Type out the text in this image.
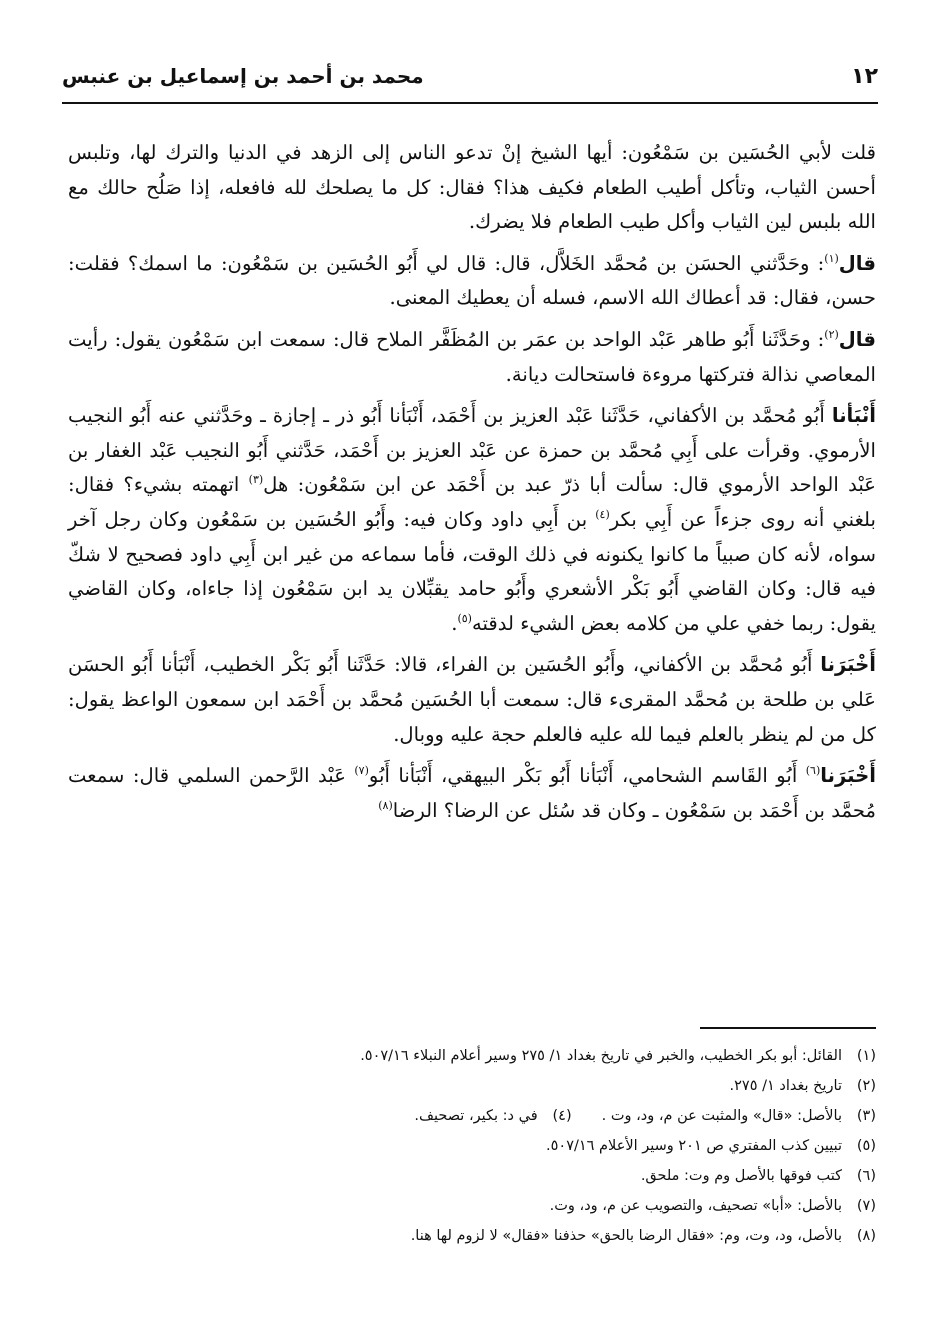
١٢
محمد بن أحمد بن إسماعيل بن عنبس

قلت لأبي الحُسَين بن سَمْعُون: أيها الشيخ إنْ تدعو الناس إلى الزهد في الدنيا والترك لها، وتلبس أحسن الثياب، وتأكل أطيب الطعام فكيف هذا؟ فقال: كل ما يصلحك لله فافعله، إذا صَلُح حالك مع الله بلبس لين الثياب وأكل طيب الطعام فلا يضرك.

قال$^{(١)}$: وحَدَّثني الحسَن بن مُحمَّد الخَلاَّل، قال: قال لي أَبُو الحُسَين بن سَمْعُون: ما اسمك؟ فقلت: حسن، فقال: قد أعطاك الله الاسم، فسله أن يعطيك المعنى.

قال$^{(٢)}$: وحَدَّثَنا أَبُو طاهر عَبْد الواحد بن عمَر بن المُظَفَّر الملاح قال: سمعت ابن سَمْعُون يقول: رأيت المعاصي نذالة فتركتها مروءة فاستحالت ديانة.

أَنْبَأنا أَبُو مُحمَّد بن الأكفاني، حَدَّثَنا عَبْد العزيز بن أَحْمَد، أَنْبَأنا أَبُو ذر ـ إجازة ـ وحَدَّثني عنه أَبُو النجيب الأرموي. وقرأت على أَبِي مُحمَّد بن حمزة عن عَبْد العزيز بن أَحْمَد، حَدَّثني أَبُو النجيب عَبْد الغفار بن عَبْد الواحد الأرموي قال: سألت أبا ذرّ عبد بن أَحْمَد عن ابن سَمْعُون: هل$^{(٣)}$ اتهمته بشيء؟ فقال: بلغني أنه روى جزءاً عن أَبِي بكر$^{(٤)}$ بن أَبِي داود وكان فيه: وأَبُو الحُسَين بن سَمْعُون وكان رجل آخر سواه، لأنه كان صبياً ما كانوا يكنونه في ذلك الوقت، فأما سماعه من غير ابن أَبِي داود فصحيح لا شكّ فيه قال: وكان القاضي أَبُو بَكْر الأشعري وأَبُو حامد يقبِّلان يد ابن سَمْعُون إذا جاءاه، وكان القاضي يقول: ربما خفي علي من كلامه بعض الشيء لدقته$^{(٥)}$.

أَخْبَرَنا أَبُو مُحمَّد بن الأكفاني، وأَبُو الحُسَين بن الفراء، قالا: حَدَّثَنا أَبُو بَكْر الخطيب، أَنْبَأنا أَبُو الحسَن عَلي بن طلحة بن مُحمَّد المقرىء قال: سمعت أبا الحُسَين مُحمَّد بن أَحْمَد ابن سمعون الواعظ يقول: كل من لم ينظر بالعلم فيما لله عليه فالعلم حجة عليه ووبال.

أَخْبَرَنا$^{(٦)}$ أَبُو القَاسم الشحامي، أَنْبَأنا أَبُو بَكْر البيهقي، أَنْبَأنا أَبُو$^{(٧)}$ عَبْد الرَّحمن السلمي قال: سمعت مُحمَّد بن أَحْمَد بن سَمْعُون ـ وكان قد سُئل عن الرضا؟ الرضا$^{(٨)}$

(١)القائل: أبو بكر الخطيب، والخبر في تاريخ بغداد ١/ ٢٧٥ وسير أعلام النبلاء ٥٠٧/١٦.
(٢)تاريخ بغداد ١/ ٢٧٥.
(٣)بالأصل: «قال» والمثبت عن م، ود، وت .(٤)في د: بكير، تصحيف.
(٥)تبيين كذب المفتري ص ٢٠١ وسير الأعلام ٥٠٧/١٦.
(٦)كتب فوقها بالأصل وم وت: ملحق.
(٧)بالأصل: «أبا» تصحيف، والتصويب عن م، ود، وت.
(٨)بالأصل، ود، وت، وم: «فقال الرضا بالحق» حذفنا «فقال» لا لزوم لها هنا.
